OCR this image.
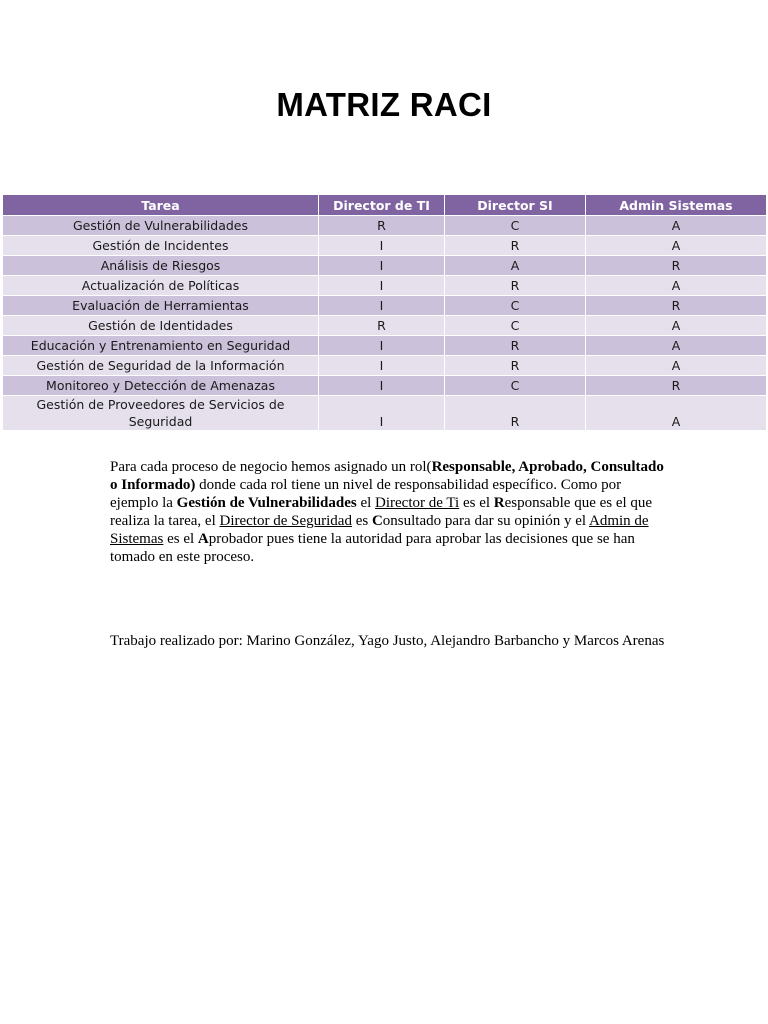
MATRIZ RACI
Tarea	Director de TI	Director SI	Admin Sistemas
Gestión de Vulnerabilidades	R	C	A
Gestión de Incidentes	I	R	A
Análisis de Riesgos	I	A	R
Actualización de Políticas	I	R	A
Evaluación de Herramientas	I	C	R
Gestión de Identidades	R	C	A
Educación y Entrenamiento en Seguridad	I	R	A
Gestión de Seguridad de la Información	I	R	A
Monitoreo y Detección de Amenazas	I	C	R
Gestión de Proveedores de Servicios de Seguridad	I	R	A
Para cada proceso de negocio hemos asignado un rol(Responsable, Aprobado, Consultado o Informado) donde cada rol tiene un nivel de responsabilidad específico. Como por ejemplo la Gestión de Vulnerabilidades el Director de Ti es el Responsable que es el que realiza la tarea, el Director de Seguridad es Consultado para dar su opinión y el Admin de Sistemas es el Aprobador pues tiene la autoridad para aprobar las decisiones que se han tomado en este proceso.
Trabajo realizado por: Marino González, Yago Justo, Alejandro Barbancho y Marcos Arenas
